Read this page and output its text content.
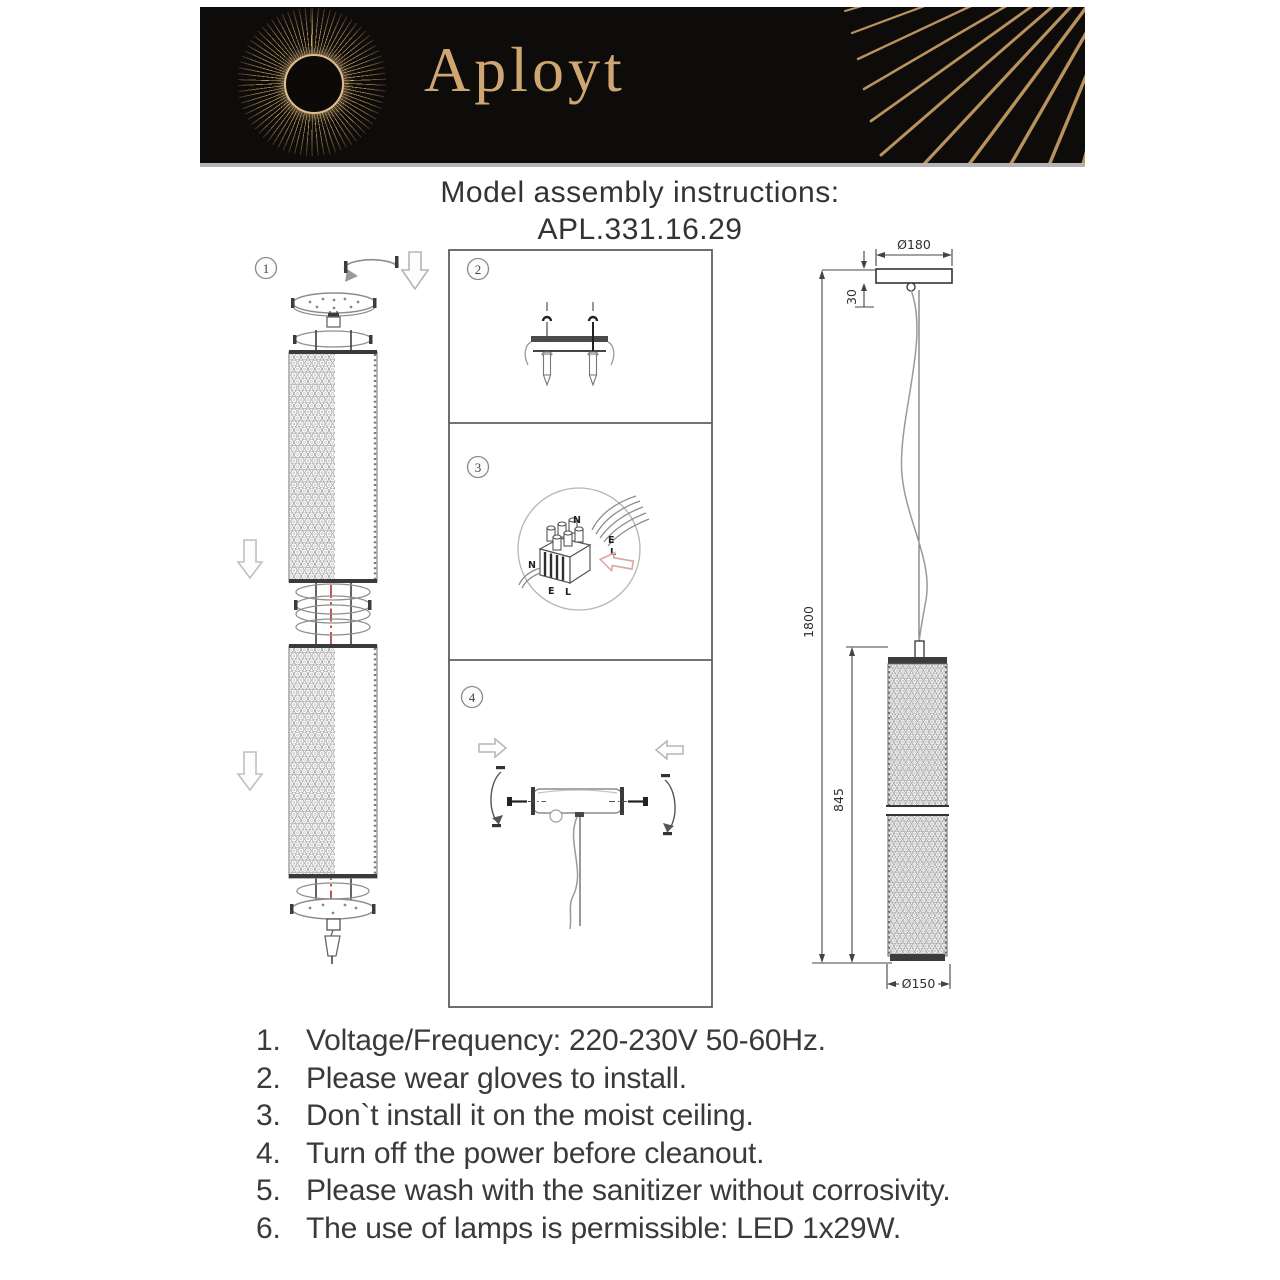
Aployt
Model assembly instructions:
APL.331.16.29
1	2
3
N
E
L
N
E L
4
Ø180
30
1800
845
Ø150
1. Voltage/Frequency: 220-230V 50-60Hz.
2. Please wear gloves to install.
3. Don`t install it on the moist ceiling.
4. Turn off the power before cleanout.
5. Please wash with the sanitizer without corrosivity.
6. The use of lamps is permissible: LED 1x29W.
